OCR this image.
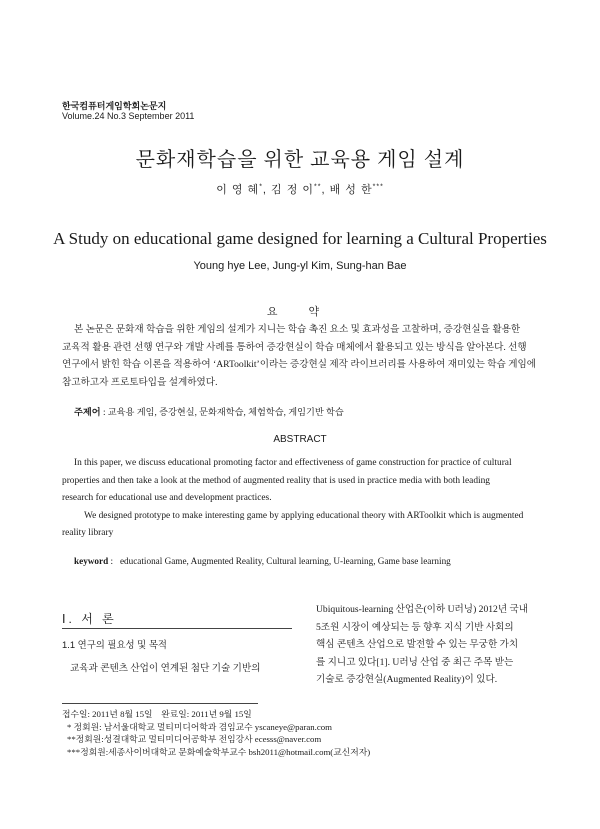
한국컴퓨터게임학회논문지
Volume.24 No.3 September 2011
문화재학습을 위한 교육용 게임 설계
이 영 혜*, 김 정 이**, 배 성 한***
A Study on educational game designed for learning a Cultural Properties
Young hye Lee, Jung-yl Kim, Sung-han Bae
요 약
본 논문은 문화재 학습을 위한 게임의 설계가 지니는 학습 촉진 요소 및 효과성을 고찰하며, 증강현실을 활용한
교육적 활용 관련 선행 연구와 개발 사례를 통하여 증강현실이 학습 매체에서 활용되고 있는 방식을 알아본다. 선행
연구에서 밝힌 학습 이론을 적용하여 ‘ARToolkit’이라는 증강현실 제작 라이브러리를 사용하여 재미있는 학습 게임에
참고하고자 프로토타입을 설계하였다.
주제어 : 교육용 게임, 증강현실, 문화재학습, 체험학습, 게임기반 학습
ABSTRACT
In this paper, we discuss educational promoting factor and effectiveness of game construction for practice of cultural
properties and then take a look at the method of augmented reality that is used in practice media with both leading
research for educational use and development practices.
We designed prototype to make interesting game by applying educational theory with ARToolkit which is augmented
reality library
keyword :   educational Game, Augmented Reality, Cultural learning, U-learning, Game base learning
Ⅰ. 서 론
1.1 연구의 필요성 및 목적
교육과 콘텐츠 산업이 연계된 첨단 기술 기반의
Ubiquitous-learning 산업은(이하 U러닝) 2012년 국내
5조원 시장이 예상되는 등 향후 지식 기반 사회의
핵심 콘텐츠 산업으로 발전할 수 있는 무궁한 가치
를 지니고 있다[1]. U러닝 산업 중 최근 주목 받는
기술로 증강현실(Augmented Reality)이 있다.
접수일: 2011년 8월 15일    완료일: 2011년 9월 15일
* 정회원: 남서울대학교 멀티미디어학과 겸임교수 yscaneye@paran.com
**정회원:성결대학교 멀티미디어공학부 전임강사 ecesss@naver.com
***정회원:세종사이버대학교 문화예술학부교수 bsh2011@hotmail.com(교신저자)
